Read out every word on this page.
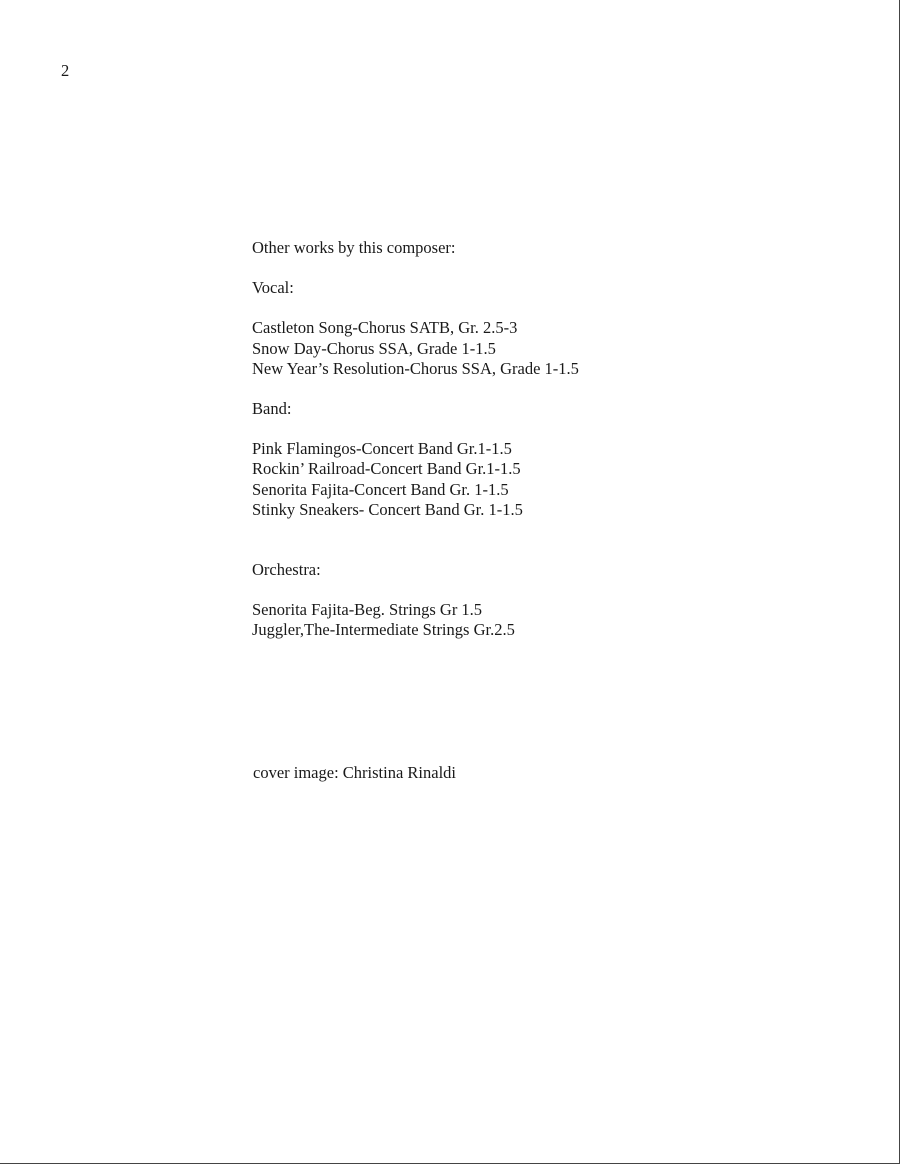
2
Other works by this composer:
Vocal:
Castleton Song-Chorus SATB, Gr. 2.5-3
Snow Day-Chorus SSA, Grade 1-1.5
New Year’s Resolution-Chorus SSA, Grade 1-1.5
Band:
Pink Flamingos-Concert Band Gr.1-1.5
Rockin’ Railroad-Concert Band Gr.1-1.5
Senorita Fajita-Concert Band Gr. 1-1.5
Stinky Sneakers- Concert Band Gr. 1-1.5
Orchestra:
Senorita Fajita-Beg. Strings Gr 1.5
Juggler,The-Intermediate Strings Gr.2.5
cover image: Christina Rinaldi
